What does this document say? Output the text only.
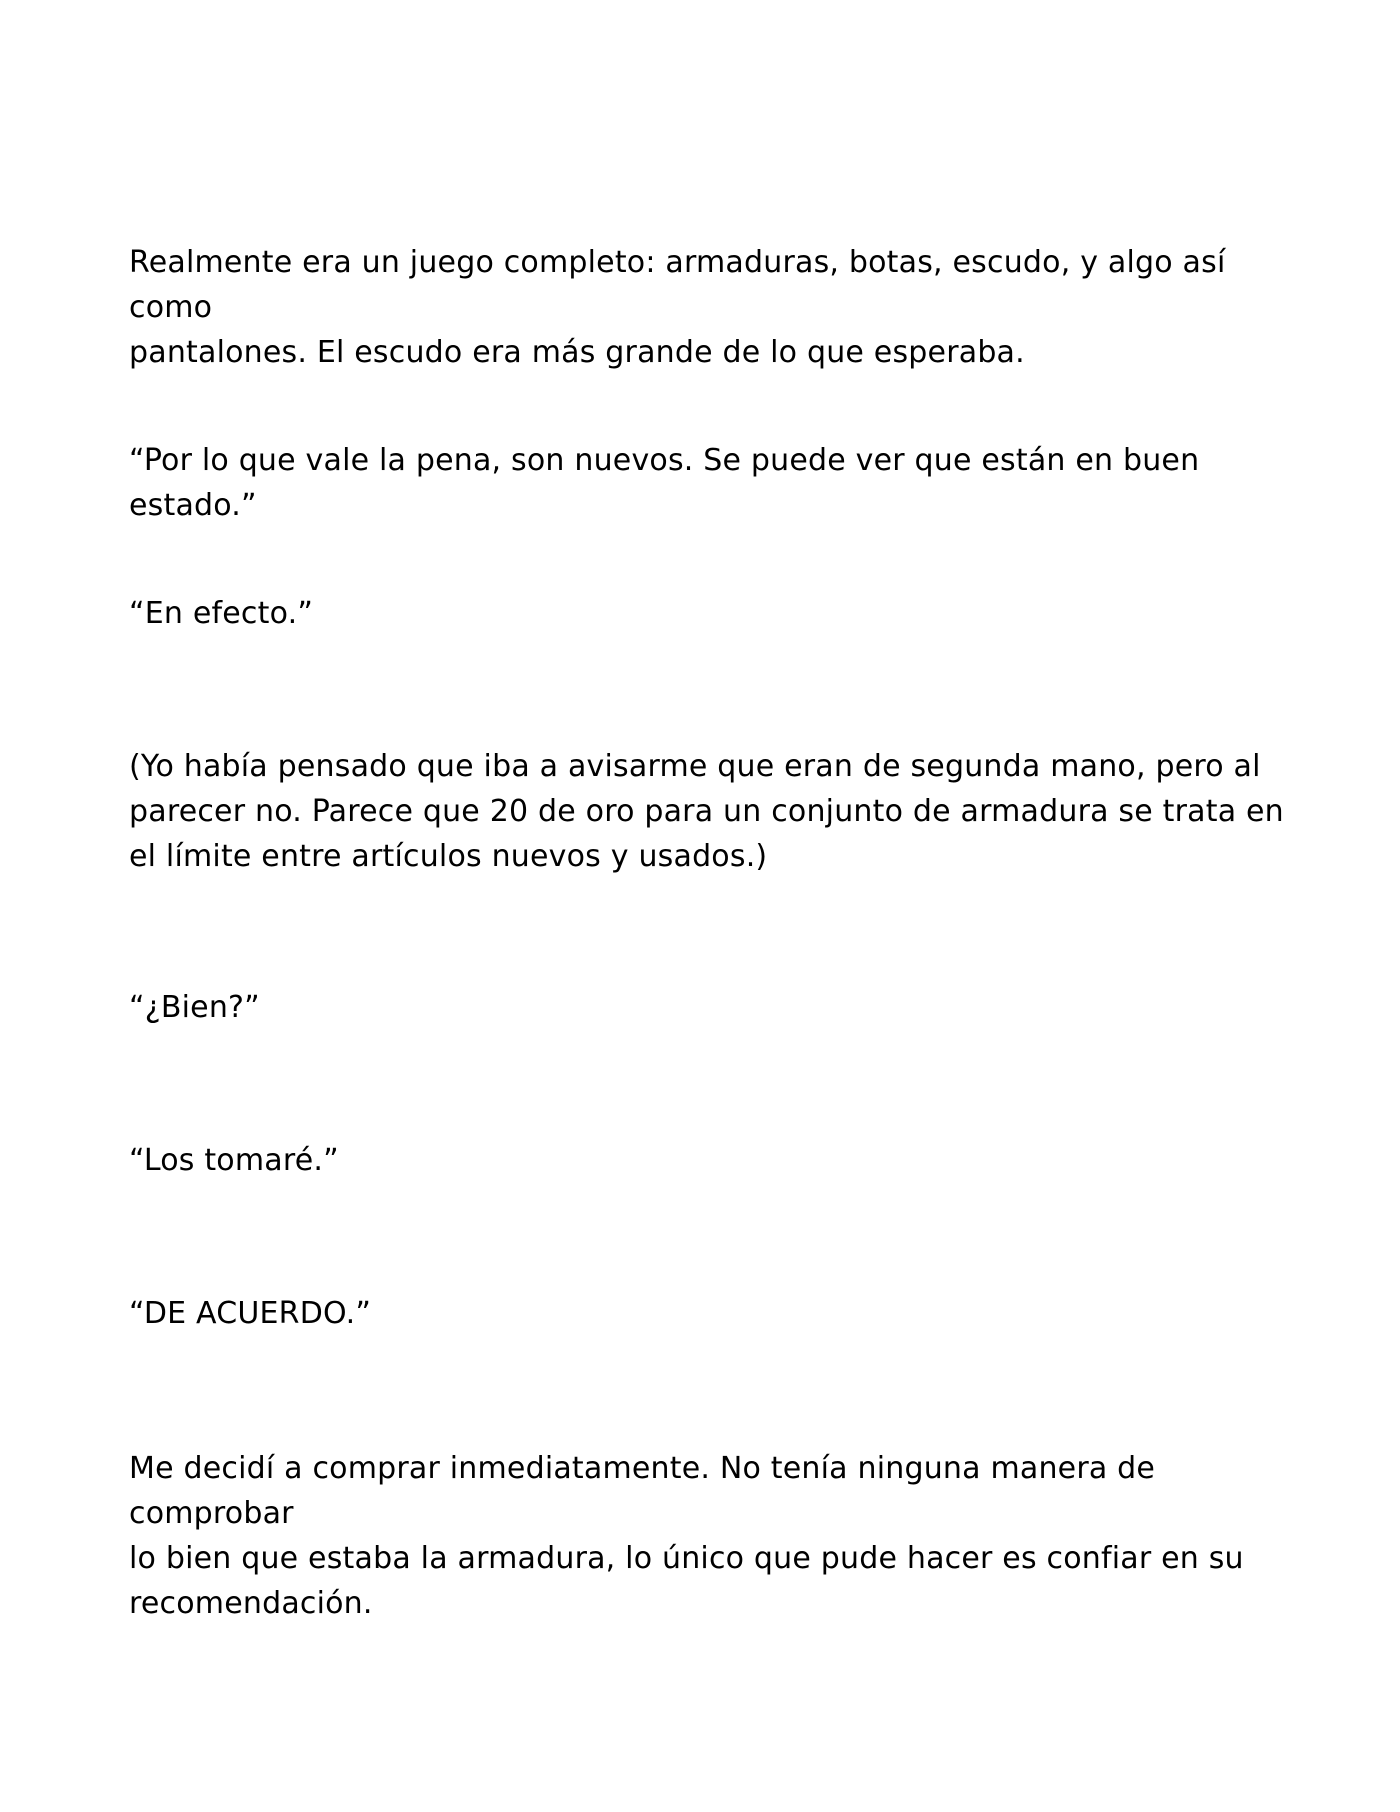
Realmente era un juego completo: armaduras, botas, escudo, y algo así como
pantalones. El escudo era más grande de lo que esperaba.

“Por lo que vale la pena, son nuevos. Se puede ver que están en buen estado.”

“En efecto.”

(Yo había pensado que iba a avisarme que eran de segunda mano, pero al
parecer no. Parece que 20 de oro para un conjunto de armadura se trata en
el límite entre artículos nuevos y usados.)

“¿Bien?”

“Los tomaré.”

“DE ACUERDO.”

Me decidí a comprar inmediatamente. No tenía ninguna manera de comprobar
lo bien que estaba la armadura, lo único que pude hacer es confiar en su
recomendación.
